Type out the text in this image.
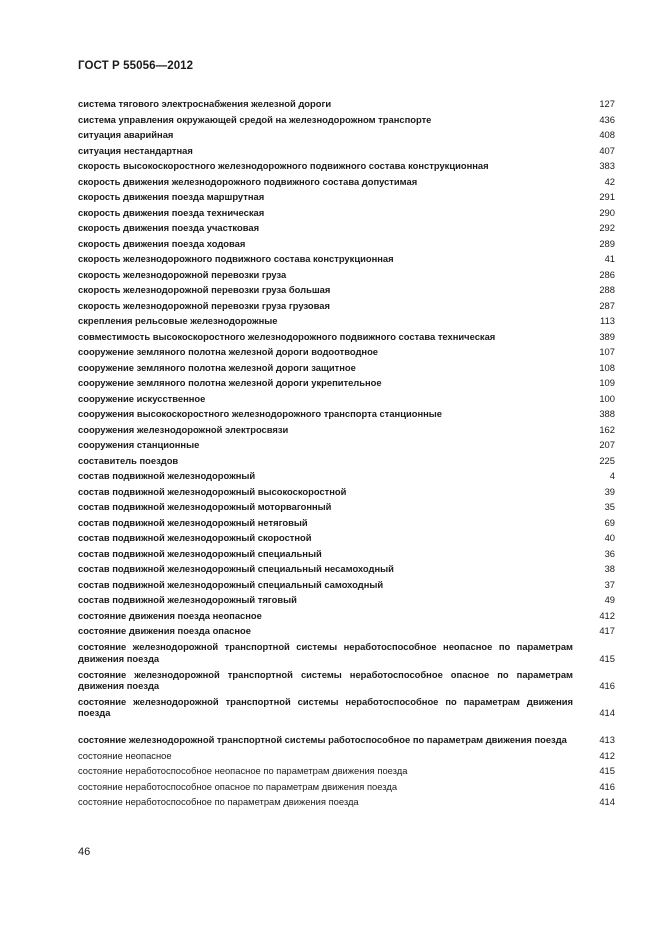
ГОСТ Р 55056—2012
система тягового электроснабжения железной дороги	127
система управления окружающей средой на железнодорожном транспорте	436
ситуация аварийная	408
ситуация нестандартная	407
скорость высокоскоростного железнодорожного подвижного состава конструкционная	383
скорость движения железнодорожного подвижного состава допустимая	42
скорость движения поезда маршрутная	291
скорость движения поезда техническая	290
скорость движения поезда участковая	292
скорость движения поезда ходовая	289
скорость железнодорожного подвижного состава конструкционная	41
скорость железнодорожной перевозки груза	286
скорость железнодорожной перевозки груза большая	288
скорость железнодорожной перевозки груза грузовая	287
скрепления рельсовые железнодорожные	113
совместимость высокоскоростного железнодорожного подвижного состава техническая	389
сооружение земляного полотна железной дороги водоотводное	107
сооружение земляного полотна железной дороги защитное	108
сооружение земляного полотна железной дороги укрепительное	109
сооружение искусственное	100
сооружения высокоскоростного железнодорожного транспорта станционные	388
сооружения железнодорожной электросвязи	162
сооружения станционные	207
составитель поездов	225
состав подвижной железнодорожный	4
состав подвижной железнодорожный высокоскоростной	39
состав подвижной железнодорожный моторвагонный	35
состав подвижной железнодорожный нетяговый	69
состав подвижной железнодорожный скоростной	40
состав подвижной железнодорожный специальный	36
состав подвижной железнодорожный специальный несамоходный	38
состав подвижной железнодорожный специальный самоходный	37
состав подвижной железнодорожный тяговый	49
состояние движения поезда неопасное	412
состояние движения поезда опасное	417
состояние железнодорожной транспортной системы неработоспособное неопасное по параметрам движения поезда	415
состояние железнодорожной транспортной системы неработоспособное опасное по параметрам движения поезда	416
состояние железнодорожной транспортной системы неработоспособное по параметрам движения поезда	414
состояние железнодорожной транспортной системы работоспособное по параметрам движения поезда	413
состояние неопасное	412
состояние неработоспособное неопасное по параметрам движения поезда	415
состояние неработоспособное опасное по параметрам движения поезда	416
состояние неработоспособное по параметрам движения поезда	414
46
